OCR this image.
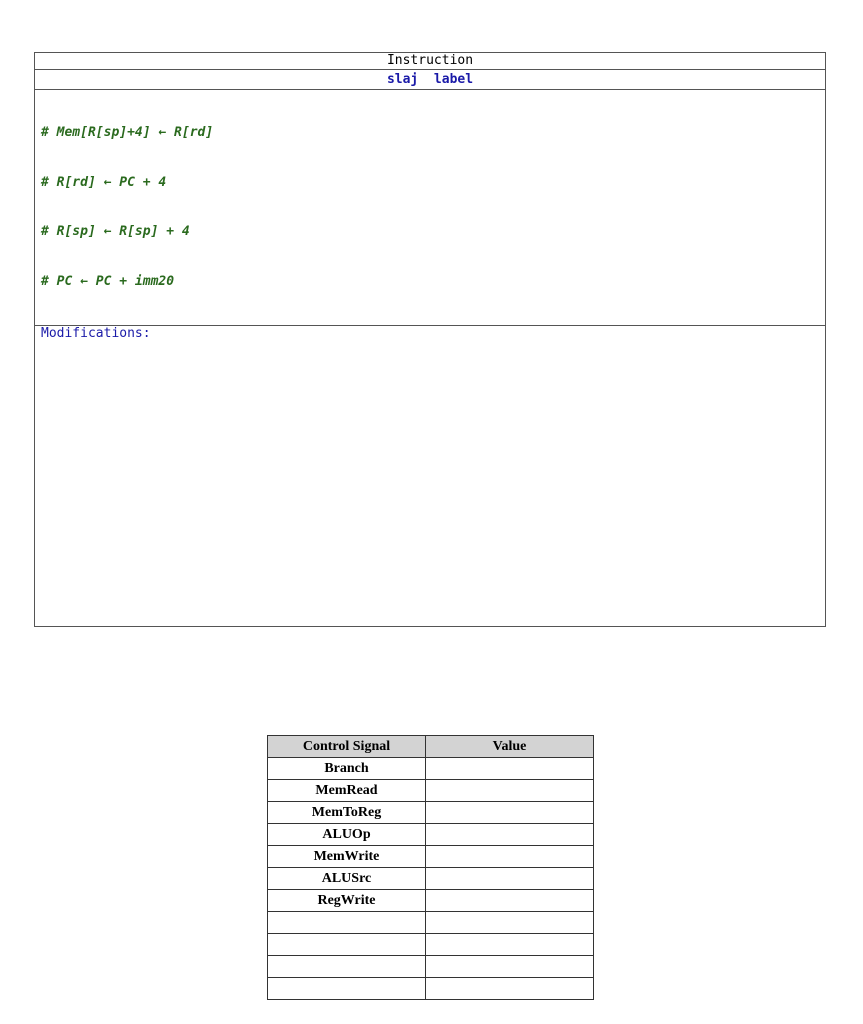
Instruction
slaj  label

# Mem[R[sp]+4] ← R[rd]

# R[rd] ← PC + 4

# R[sp] ← R[sp] + 4

# PC ← PC + imm20

Modifications:
Control Signal	Value
Branch	
MemRead	
MemToReg	
ALUOp	
MemWrite	
ALUSrc	
RegWrite	
